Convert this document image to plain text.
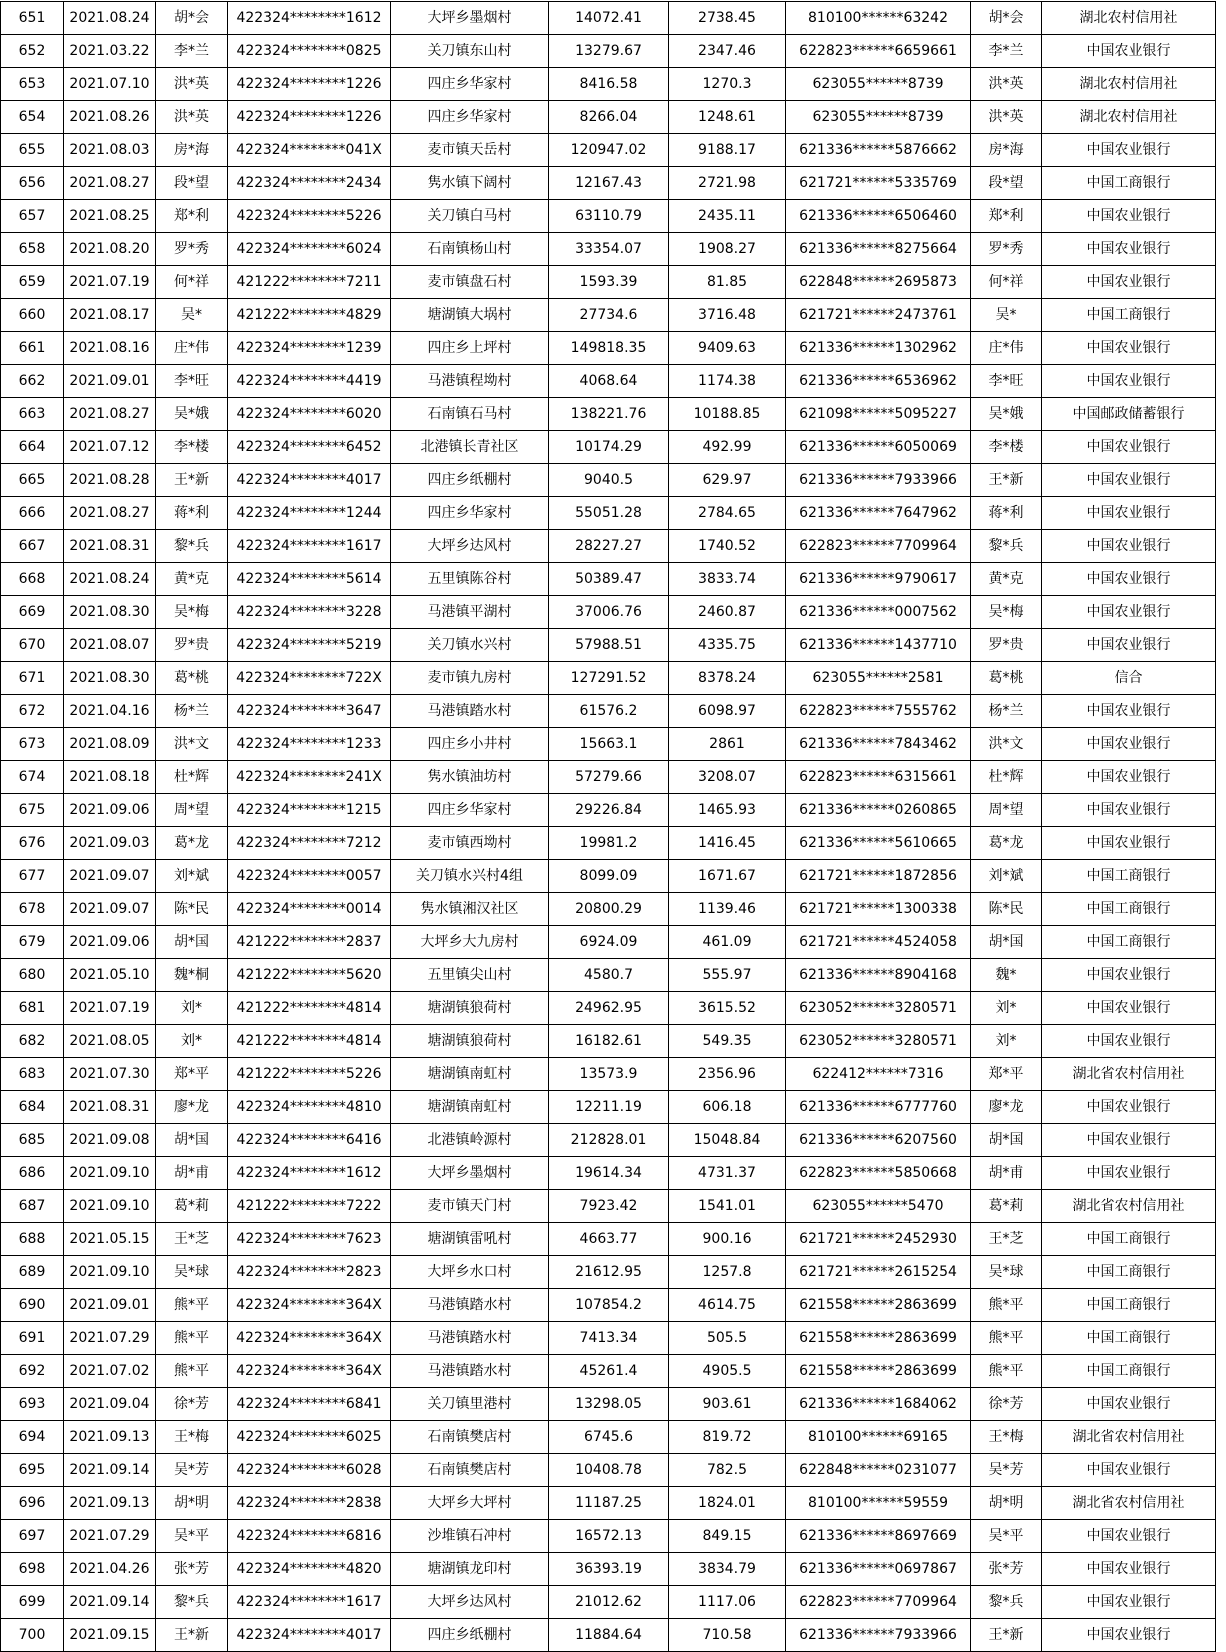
651	2021.08.24	胡*会	422324********1612	大坪乡墨烟村	14072.41	2738.45	810100******63242	胡*会	湖北农村信用社
652	2021.03.22	李*兰	422324********0825	关刀镇东山村	13279.67	2347.46	622823******6659661	李*兰	中国农业银行
653	2021.07.10	洪*英	422324********1226	四庄乡华家村	8416.58	1270.3	623055******8739	洪*英	湖北农村信用社
654	2021.08.26	洪*英	422324********1226	四庄乡华家村	8266.04	1248.61	623055******8739	洪*英	湖北农村信用社
655	2021.08.03	房*海	422324********041X	麦市镇天岳村	120947.02	9188.17	621336******5876662	房*海	中国农业银行
656	2021.08.27	段*望	422324********2434	隽水镇下阔村	12167.43	2721.98	621721******5335769	段*望	中国工商银行
657	2021.08.25	郑*利	422324********5226	关刀镇白马村	63110.79	2435.11	621336******6506460	郑*利	中国农业银行
658	2021.08.20	罗*秀	422324********6024	石南镇杨山村	33354.07	1908.27	621336******8275664	罗*秀	中国农业银行
659	2021.07.19	何*祥	421222********7211	麦市镇盘石村	1593.39	81.85	622848******2695873	何*祥	中国农业银行
660	2021.08.17	吴*	421222********4829	塘湖镇大埚村	27734.6	3716.48	621721******2473761	吴*	中国工商银行
661	2021.08.16	庄*伟	422324********1239	四庄乡上坪村	149818.35	9409.63	621336******1302962	庄*伟	中国农业银行
662	2021.09.01	李*旺	422324********4419	马港镇程坳村	4068.64	1174.38	621336******6536962	李*旺	中国农业银行
663	2021.08.27	吴*娥	422324********6020	石南镇石马村	138221.76	10188.85	621098******5095227	吴*娥	中国邮政储蓄银行
664	2021.07.12	李*楼	422324********6452	北港镇长青社区	10174.29	492.99	621336******6050069	李*楼	中国农业银行
665	2021.08.28	王*新	422324********4017	四庄乡纸棚村	9040.5	629.97	621336******7933966	王*新	中国农业银行
666	2021.08.27	蒋*利	422324********1244	四庄乡华家村	55051.28	2784.65	621336******7647962	蒋*利	中国农业银行
667	2021.08.31	黎*兵	422324********1617	大坪乡达风村	28227.27	1740.52	622823******7709964	黎*兵	中国农业银行
668	2021.08.24	黄*克	422324********5614	五里镇陈谷村	50389.47	3833.74	621336******9790617	黄*克	中国农业银行
669	2021.08.30	吴*梅	422324********3228	马港镇平湖村	37006.76	2460.87	621336******0007562	吴*梅	中国农业银行
670	2021.08.07	罗*贵	422324********5219	关刀镇水兴村	57988.51	4335.75	621336******1437710	罗*贵	中国农业银行
671	2021.08.30	葛*桃	422324********722X	麦市镇九房村	127291.52	8378.24	623055******2581	葛*桃	信合
672	2021.04.16	杨*兰	422324********3647	马港镇踏水村	61576.2	6098.97	622823******7555762	杨*兰	中国农业银行
673	2021.08.09	洪*文	422324********1233	四庄乡小井村	15663.1	2861	621336******7843462	洪*文	中国农业银行
674	2021.08.18	杜*辉	422324********241X	隽水镇油坊村	57279.66	3208.07	622823******6315661	杜*辉	中国农业银行
675	2021.09.06	周*望	422324********1215	四庄乡华家村	29226.84	1465.93	621336******0260865	周*望	中国农业银行
676	2021.09.03	葛*龙	422324********7212	麦市镇西坳村	19981.2	1416.45	621336******5610665	葛*龙	中国农业银行
677	2021.09.07	刘*斌	422324********0057	关刀镇水兴村4组	8099.09	1671.67	621721******1872856	刘*斌	中国工商银行
678	2021.09.07	陈*民	422324********0014	隽水镇湘汉社区	20800.29	1139.46	621721******1300338	陈*民	中国工商银行
679	2021.09.06	胡*国	421222********2837	大坪乡大九房村	6924.09	461.09	621721******4524058	胡*国	中国工商银行
680	2021.05.10	魏*桐	421222********5620	五里镇尖山村	4580.7	555.97	621336******8904168	魏*	中国农业银行
681	2021.07.19	刘*	421222********4814	塘湖镇狼荷村	24962.95	3615.52	623052******3280571	刘*	中国农业银行
682	2021.08.05	刘*	421222********4814	塘湖镇狼荷村	16182.61	549.35	623052******3280571	刘*	中国农业银行
683	2021.07.30	郑*平	421222********5226	塘湖镇南虹村	13573.9	2356.96	622412******7316	郑*平	湖北省农村信用社
684	2021.08.31	廖*龙	422324********4810	塘湖镇南虹村	12211.19	606.18	621336******6777760	廖*龙	中国农业银行
685	2021.09.08	胡*国	422324********6416	北港镇岭源村	212828.01	15048.84	621336******6207560	胡*国	中国农业银行
686	2021.09.10	胡*甫	422324********1612	大坪乡墨烟村	19614.34	4731.37	622823******5850668	胡*甫	中国农业银行
687	2021.09.10	葛*莉	421222********7222	麦市镇天门村	7923.42	1541.01	623055******5470	葛*莉	湖北省农村信用社
688	2021.05.15	王*芝	422324********7623	塘湖镇雷吼村	4663.77	900.16	621721******2452930	王*芝	中国工商银行
689	2021.09.10	吴*球	422324********2823	大坪乡水口村	21612.95	1257.8	621721******2615254	吴*球	中国工商银行
690	2021.09.01	熊*平	422324********364X	马港镇踏水村	107854.2	4614.75	621558******2863699	熊*平	中国工商银行
691	2021.07.29	熊*平	422324********364X	马港镇踏水村	7413.34	505.5	621558******2863699	熊*平	中国工商银行
692	2021.07.02	熊*平	422324********364X	马港镇踏水村	45261.4	4905.5	621558******2863699	熊*平	中国工商银行
693	2021.09.04	徐*芳	422324********6841	关刀镇里港村	13298.05	903.61	621336******1684062	徐*芳	中国农业银行
694	2021.09.13	王*梅	422324********6025	石南镇樊店村	6745.6	819.72	810100******69165	王*梅	湖北省农村信用社
695	2021.09.14	吴*芳	422324********6028	石南镇樊店村	10408.78	782.5	622848******0231077	吴*芳	中国农业银行
696	2021.09.13	胡*明	422324********2838	大坪乡大坪村	11187.25	1824.01	810100******59559	胡*明	湖北省农村信用社
697	2021.07.29	吴*平	422324********6816	沙堆镇石冲村	16572.13	849.15	621336******8697669	吴*平	中国农业银行
698	2021.04.26	张*芳	422324********4820	塘湖镇龙印村	36393.19	3834.79	621336******0697867	张*芳	中国农业银行
699	2021.09.14	黎*兵	422324********1617	大坪乡达风村	21012.62	1117.06	622823******7709964	黎*兵	中国农业银行
700	2021.09.15	王*新	422324********4017	四庄乡纸棚村	11884.64	710.58	621336******7933966	王*新	中国农业银行
